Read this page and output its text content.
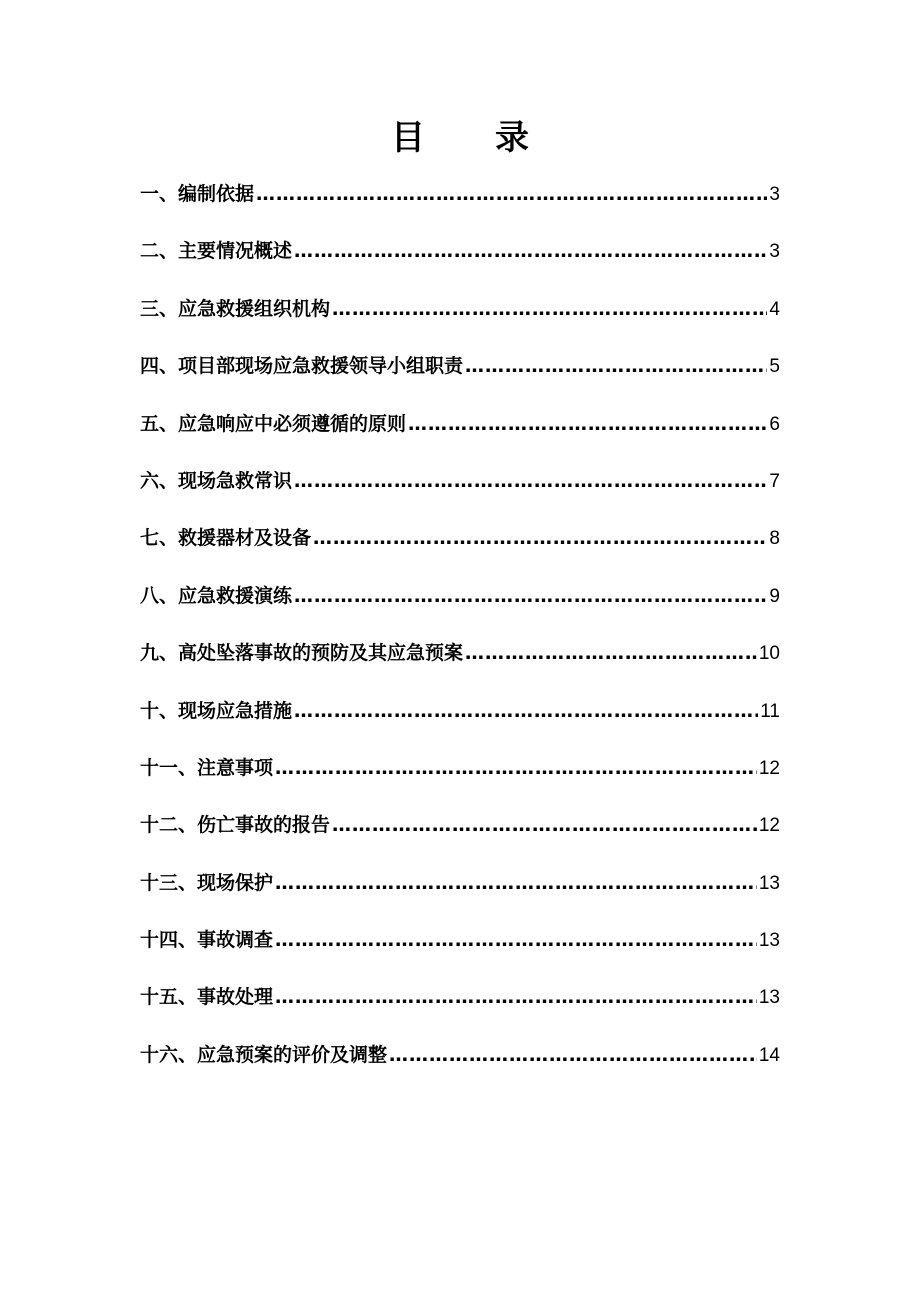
目 录
一、编制依据 ……………………………………………………………………………………………………………………………………………………	3
二、主要情况概述 ……………………………………………………………………………………………………………………………………………………	3
三、应急救援组织机构 ……………………………………………………………………………………………………………………………………………………	4
四、项目部现场应急救援领导小组职责 ……………………………………………………………………………………………………………………………………………………	5
五、应急响应中必须遵循的原则 ……………………………………………………………………………………………………………………………………………………	6
六、现场急救常识 ……………………………………………………………………………………………………………………………………………………	7
七、救援器材及设备 ……………………………………………………………………………………………………………………………………………………	8
八、应急救援演练 ……………………………………………………………………………………………………………………………………………………	9
九、高处坠落事故的预防及其应急预案 ……………………………………………………………………………………………………………………………………………………	10
十、现场应急措施 ……………………………………………………………………………………………………………………………………………………	11
十一、注意事项 ……………………………………………………………………………………………………………………………………………………	12
十二、伤亡事故的报告 ……………………………………………………………………………………………………………………………………………………	12
十三、现场保护 ……………………………………………………………………………………………………………………………………………………	13
十四、事故调查 ……………………………………………………………………………………………………………………………………………………	13
十五、事故处理 ……………………………………………………………………………………………………………………………………………………	13
十六、应急预案的评价及调整 ……………………………………………………………………………………………………………………………………………………	14
